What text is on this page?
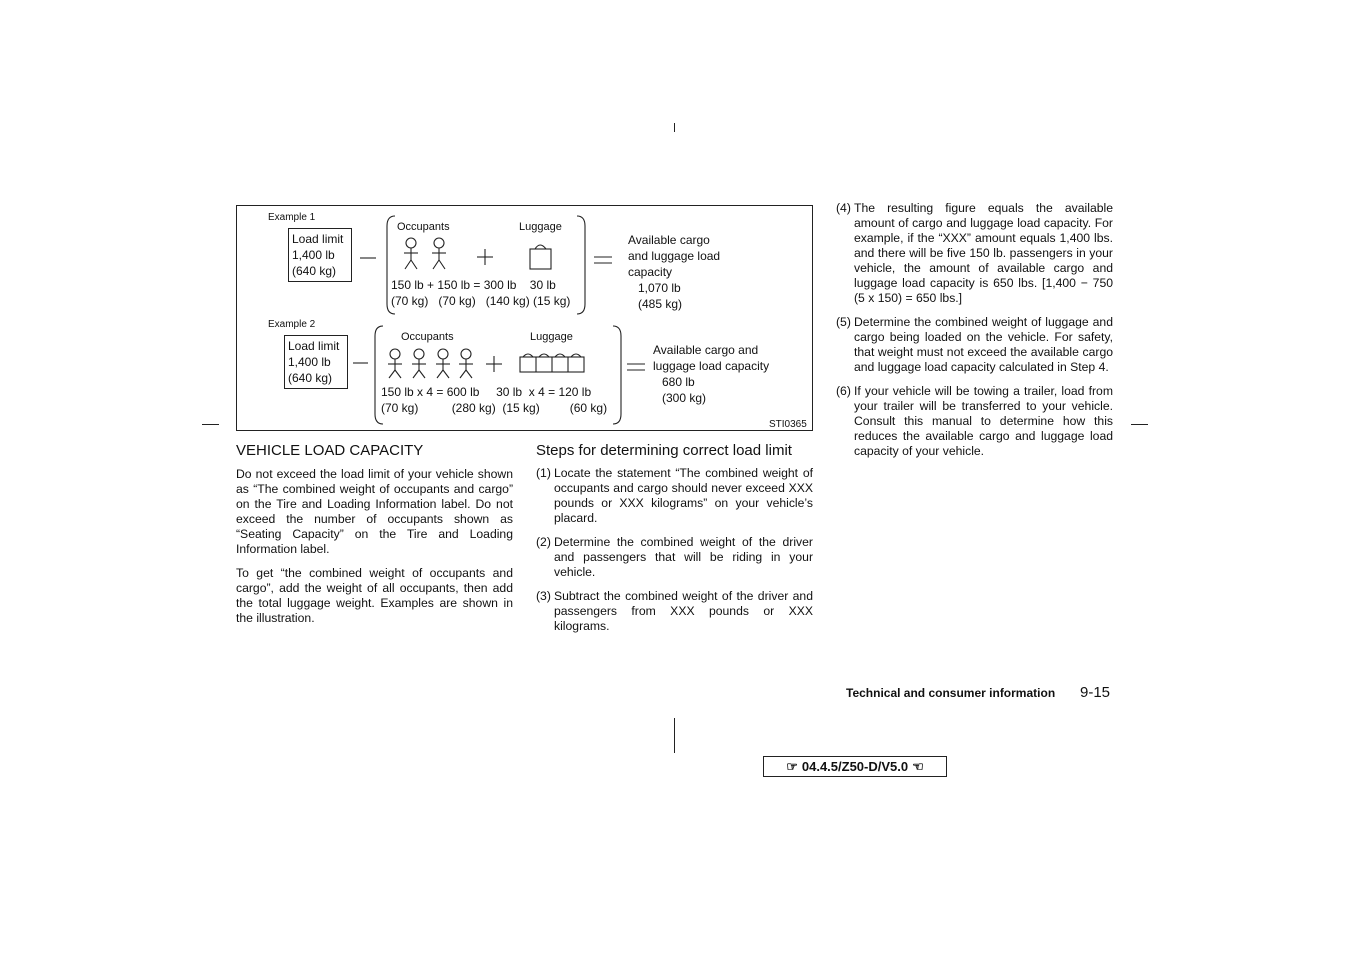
Example 1
Load limit
1,400 lb
(640 kg)
Occupants	Luggage
150 lb + 150 lb = 300 lb    30 lb
(70 kg)   (70 kg)   (140 kg) (15 kg)
Available cargo
and luggage load
capacity
1,070 lb
(485 kg)
Example 2
Load limit
1,400 lb
(640 kg)
Occupants	Luggage
150 lb x 4 = 600 lb     30 lb  x 4 = 120 lb
(70 kg)          (280 kg)  (15 kg)         (60 kg)
Available cargo and
luggage load capacity
680 lb
(300 kg)
STI0365
VEHICLE LOAD CAPACITY

Do not exceed the load limit of your vehicle shown as “The combined weight of occupants and cargo” on the Tire and Loading Information label. Do not exceed the number of occupants shown as “Seating Capacity” on the Tire and Loading Information label.

To get “the combined weight of occupants and cargo”, add the weight of all occupants, then add the total luggage weight. Examples are shown in the illustration.

Steps for determining correct load limit
(1) Locate the statement “The combined weight of occupants and cargo should never exceed XXX pounds or XXX kilograms” on your vehicle’s placard.
(2) Determine the combined weight of the driver and passengers that will be riding in your vehicle.
(3) Subtract the combined weight of the driver and passengers from XXX pounds or XXX kilograms.
(4) The resulting figure equals the available amount of cargo and luggage load capacity. For example, if the “XXX” amount equals 1,400 lbs. and there will be five 150 lb. passengers in your vehicle, the amount of available cargo and luggage load capacity is 650 lbs. [1,400 − 750 (5 x 150) = 650 lbs.]
(5) Determine the combined weight of luggage and cargo being loaded on the vehicle. For safety, that weight must not exceed the available cargo and luggage load capacity calculated in Step 4.
(6) If your vehicle will be towing a trailer, load from your trailer will be transferred to your vehicle. Consult this manual to determine how this reduces the available cargo and luggage load capacity of your vehicle.
Technical and consumer information 9-15
☞ 04.4.5/Z50-D/V5.0 ☜
